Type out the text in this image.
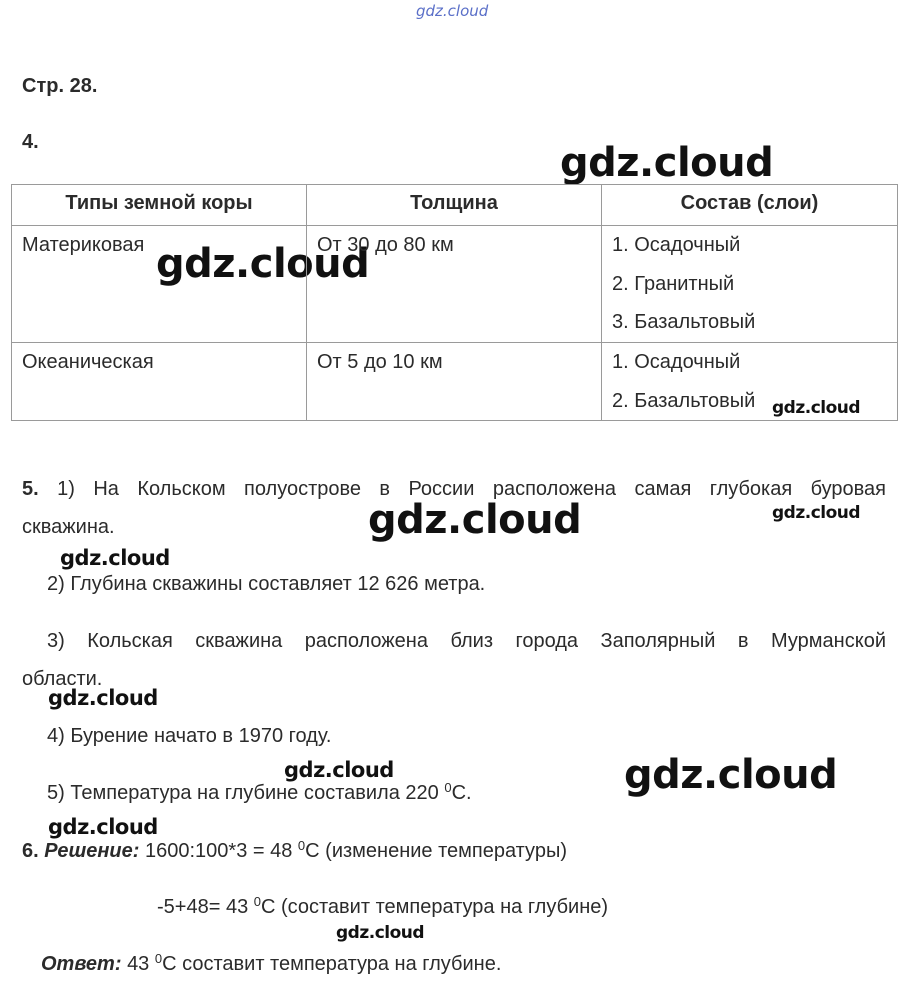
gdz.cloud
gdz.cloud
gdz.cloud
gdz.cloud
gdz.cloud	gdz.cloud
gdz.cloud
gdz.cloud
gdz.cloud	gdz.cloud
gdz.cloud
gdz.cloud
Стр. 28.
4.
Типы земной коры	Толщина	Состав (слои)
Материковая	От 30 до 80 км	1. Осадочный
2. Гранитный
3. Базальтовый

Океаническая	От 5 до 10 км	1. Осадочный
2. Базальтовый
5. 1) На Кольском полуострове в России расположена самая глубокая буровая
скважина.
2) Глубина скважины составляет 12 626 метра.
3) Кольская скважина расположена близ города Заполярный в Мурманской
области.
4) Бурение начато в 1970 году.
5) Температура на глубине составила 220 $^0$С.
6. Решение: 1600:100*3 = 48 $^0$С (изменение температуры)
-5+48= 43 $^0$С (составит температура на глубине)
Ответ: 43 $^0$С составит температура на глубине.
